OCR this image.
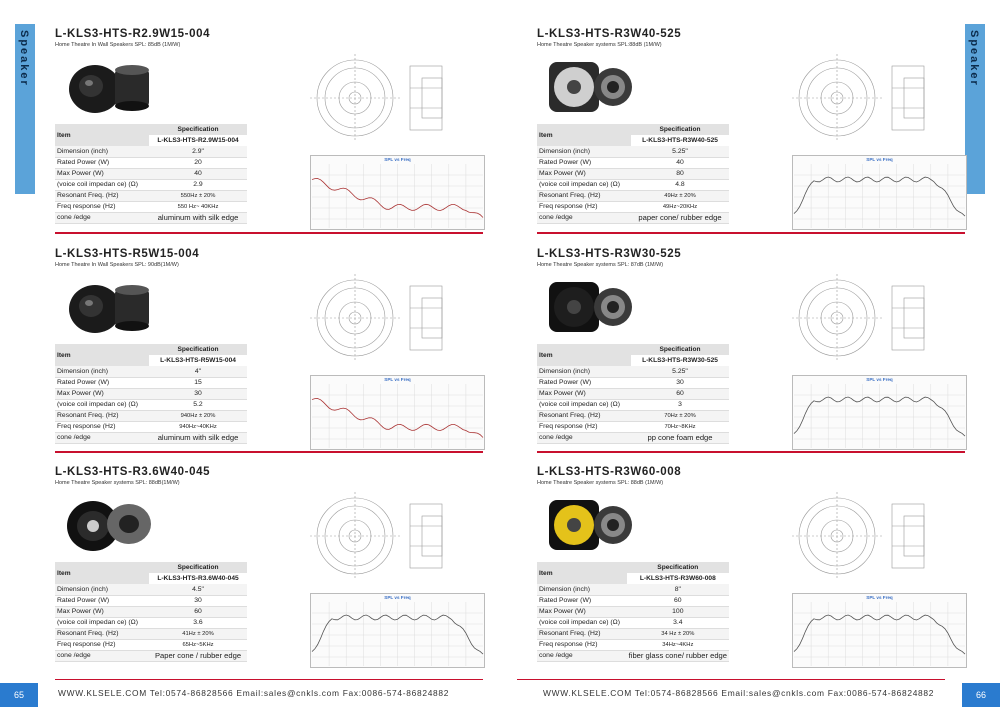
Speaker	Speaker
L-KLS3-HTS-R2.9W15-004
Home Theatre In Wall Speakers SPL: 85dB (1M/W)
Item	Specification
	L-KLS3-HTS-R2.9W15-004
Dimension (inch)	2.9"
Rated Power (W)	20
Max Power (W)	40
(voice coil impedan ce) (Ω)	2.9
Resonant Freq. (Hz)	550Hz ± 20%
Freq response (Hz)	550 Hz~ 40KHz
cone /edge	aluminum with silk edge
SPL vs Freq
L-KLS3-HTS-R3W40-525
Home Theatre Speaker systems SPL:88dB (1M/W)
Item	Specification
	L-KLS3-HTS-R3W40-525
Dimension (inch)	5.25"
Rated Power (W)	40
Max Power (W)	80
(voice coil impedan ce) (Ω)	4.8
Resonant Freq. (Hz)	49Hz ± 20%
Freq response (Hz)	49Hz~20KHz
cone /edge	paper cone/ rubber edge
SPL vs Freq
L-KLS3-HTS-R5W15-004
Home Theatre In Wall Speakers SPL: 90dB(1M/W)
Item	Specification
	L-KLS3-HTS-R5W15-004
Dimension (inch)	4"
Rated Power (W)	15
Max Power (W)	30
(voice coil impedan ce) (Ω)	5.2
Resonant Freq. (Hz)	940Hz ± 20%
Freq response (Hz)	940Hz~40KHz
cone /edge	aluminum with silk edge
SPL vs Freq
L-KLS3-HTS-R3W30-525
Home Theatre Speaker systems SPL: 87dB (1M/W)
Item	Specification
	L-KLS3-HTS-R3W30-525
Dimension (inch)	5.25"
Rated Power (W)	30
Max Power (W)	60
(voice coil impedan ce) (Ω)	3
Resonant Freq. (Hz)	70Hz ± 20%
Freq response (Hz)	70Hz~8KHz
cone /edge	pp cone foam edge
SPL vs Freq
L-KLS3-HTS-R3.6W40-045
Home Theatre Speaker systems SPL: 88dB(1M/W)
Item	Specification
	L-KLS3-HTS-R3.6W40-045
Dimension (inch)	4.5"
Rated Power (W)	30
Max Power (W)	60
(voice coil impedan ce) (Ω)	3.6
Resonant Freq. (Hz)	41Hz ± 20%
Freq response (Hz)	65Hz~5KHz
cone /edge	Paper cone / rubber edge
SPL vs Freq
L-KLS3-HTS-R3W60-008
Home Theatre Speaker systems SPL: 88dB (1M/W)
Item	Specification
	L-KLS3-HTS-R3W60-008
Dimension (inch)	8"
Rated Power (W)	60
Max Power (W)	100
(voice coil impedan ce) (Ω)	3.4
Resonant Freq. (Hz)	34 Hz ± 20%
Freq response (Hz)	34Hz~4KHz
cone /edge	fiber glass cone/ rubber edge
SPL vs Freq
65	66
WWW.KLSELE.COM Tel:0574-86828566 Email:sales@cnkls.com Fax:0086-574-86824882	WWW.KLSELE.COM Tel:0574-86828566 Email:sales@cnkls.com Fax:0086-574-86824882
